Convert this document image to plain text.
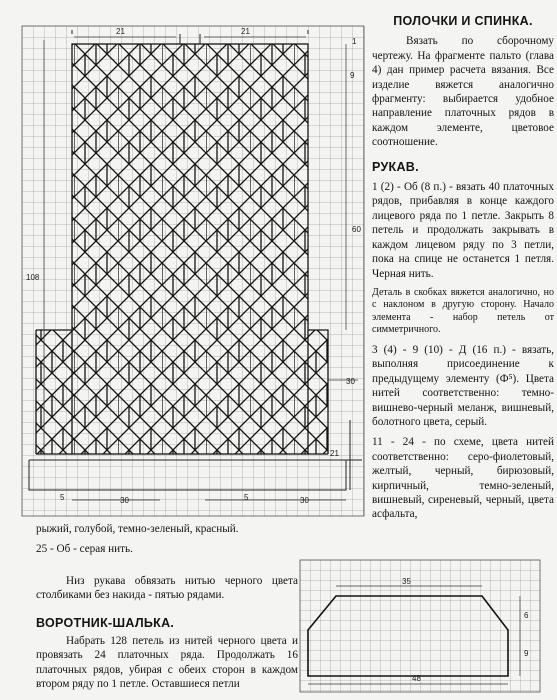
21	21
1
9
60
108
30
21
5	30	5	30
35
6
9
48
ПОЛОЧКИ И СПИНКА.

Вязать по сборочному чертежу. На фрагменте пальто (глава 4) дан пример расчета вязания. Все изделие вяжется аналогично фрагменту: выбирается удобное направление платочных рядов в каждом элементе, цветовое соотношение.

РУКАВ.

1 (2) - Об (8 п.) - вязать 40 платочных рядов, прибавляя в конце каждого лицевого ряда по 1 петле. Закрыть 8 петель и продолжать закрывать в каждом лицевом ряду по 3 петли, пока на спице не останется 1 петля. Черная нить.

Деталь в скобках вяжется аналогично, но с наклоном в другую сторону. Начало элемента - набор петель от симметричного.

3 (4) - 9 (10) - Д (16 п.) - вязать, выполняя присоединение к предыдущему элементу (Ф⁵). Цвета нитей соответственно: темно-вишнево-черный меланж, вишневый, болотного цвета, серый.

11 - 24 - по схеме, цвета нитей соответственно: серо-фиолетовый, желтый, черный, бирюзовый, кирпичный, темно-зеленый, вишневый, сиреневый, черный, цвета асфальта,

рыжий, голубой, темно-зеленый, красный.
25 - Об - серая нить.
Низ рукава обвязать нитью черного цвета столбиками без накида - пятью рядами.
ВОРОТНИК-ШАЛЬКА.
Набрать 128 петель из нитей черного цвета и провязать 24 платочных ряда. Продолжать 16 платочных рядов, убирая с обеих сторон в каждом втором ряду по 1 петле. Оставшиеся петли
